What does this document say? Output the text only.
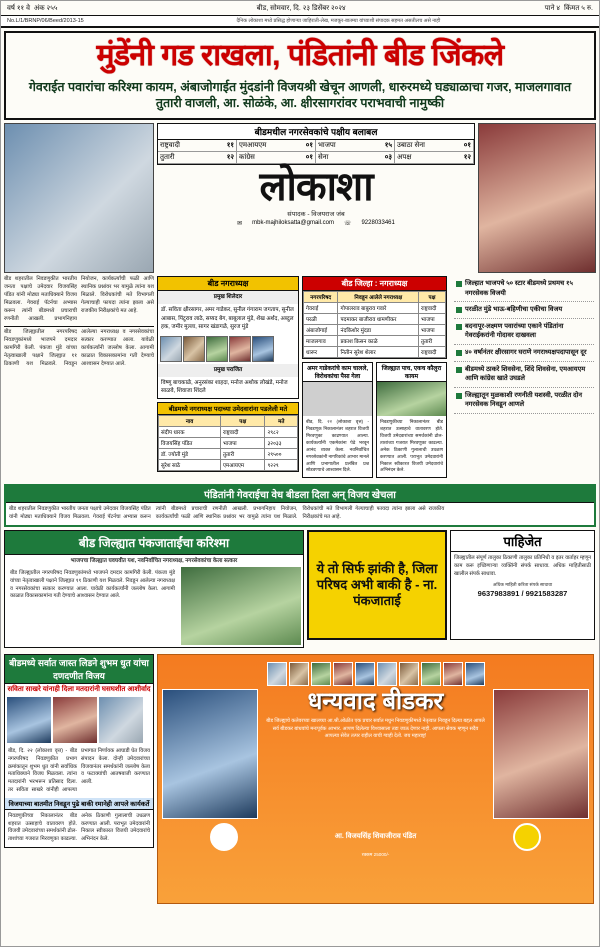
वर्ष ११ वे अंक २५५	बीड, सोमवार, दि. २३ डिसेंबर २०२४	पाने ४ किंमत ५ रु.
No.L/1/BRNP/06/Beed/2013-15	दैनिक लोकाशा मध्ये प्रसिद्ध होणाऱ्या जाहिराती-लेख, मजकूर-बातम्या यांच्याशी संपादक सहमत असतीलच असे नाही
मुंडेंनी गड राखला, पंडितांनी बीड जिंकले
गेवराईत पवारांचा करिश्मा कायम, अंबाजोगाईत मुंदडांनी विजयश्री खेचून आणली, धारुरमध्ये घड्याळाचा गजर, माजलगावात तुतारी वाजली, आ. सोळंके, आ. क्षीरसागरांवर पराभवाची नामुष्की
बीडमधील नगरसेवकांचे पक्षीय बलाबल
राष्ट्रवादी	११ एमआयएम	०१ भाजपा	१५ उबाठा सेना	०१
तुतारी	१२ कांग्रेस	०१ सेना	०३ अपक्ष	१२
लोकाशा
संपादक - विजयराज जंब
✉ mbk-majhiloksatta@gmail.com ☏ 9228033461
बीड शहरातील निवडणुकीत भारतीय जनता पक्षाचे उमेदवार विजयसिंह पंडित यांनी मोठ्या मताधिक्याने विजय मिळवला. गेवराई पॅटर्नचा अभ्यास करून त्यांनी बीडमध्ये प्रचाराची रणनीती आखली. प्रभागनिहाय नियोजन, कार्यकर्त्यांची फळी आणि स्थानिक प्रश्नांवर भर यामुळे त्यांना यश मिळाले. विरोधकांची मते विभागली गेल्याचाही फायदा त्यांना झाला असे राजकीय निरीक्षकांचे मत आहे.
बीड जिल्ह्यातील नगरपरिषद निवडणुकांमध्ये भाजपने दमदार कामगिरी केली. पंकजा मुंडे यांच्या नेतृत्वाखाली पक्षाने जिल्ह्यात ११ ठिकाणी यश मिळवले. निवडून आलेल्या नगराध्यक्ष व नगरसेवकांचा सत्कार करण्यात आला. यावेळी कार्यकर्त्यांनी जल्लोष केला. आगामी काळात विकासकामांना गती देण्याचे आश्वासन देण्यात आले.
बीड नगराध्यक्ष
प्रमुख शिलेदार
डॉ. सविता क्षीरसागर, अमर गाडेकर, सुनील गंगाराम जगताप, सुनील आबास, पिंटूराव लाठे, सय्यद बेग, बाबूलाल मुंडे, शेख अर्शद, अब्दुल हक, जमीर मुल्ला, सागर खंडागळे, सुरज मुंडे
प्रमुख पराजित
विष्णू बाचकाळे, अनुरसंका शाहदा, मनोज अशोक लोखंडे, मनोज साळवे, शिवाजा शिंदले
बीडमध्ये नगराध्यक्ष पदाच्या उमेदवारांना पडलेली मते
नाव	पक्ष	मते
संदीप धारक	राष्ट्रवादी	२९८२
विजयसिंह पंडित	भाजपा	३२०३३
डॉ. ज्योती मुंडे	तुतारी	२९५००
सुरेश साठे	एमआयएम	९२२९
बीड जिल्हा : नगराध्यक्ष
नगरपरिषद	निवडून आलेले नगराध्यक्ष	पक्ष
गेवराई	गोपालराव बाबुराव गवारे	राष्ट्रवादी
परळी	पदमाकर बाजीराव धामणीकर	भाजपा
अंबाजोगाई	नंदकिशोर मुंदडा	भाजपा
माजलगाव	प्रकाश किसन काळे	तुतारी
धारूर	नितीन सुरेश शेलार	राष्ट्रवादी
अमर गाडेकरांचे काम चालले, विरोधकांचा पैसा गेला
बीड, दि. २२ (लोकाशा वृत्त) - निवडणूक निकालानंतर शहरात विजयी मिरवणुका काढण्यात आल्या. कार्यकर्त्यांनी एकमेकांना पेढे भरवून आनंद व्यक्त केला. नवनिर्वाचित नगरसेवकांनी नागरिकांचे आभार मानले आणि प्रभागातील प्रलंबित प्रश्न सोडवण्याचे आश्वासन दिले.
जिल्ह्यात पाच, एकच कौलुरा कायम
निवडणुकीच्या निकालानंतर बीड शहरात उत्साहाचे वातावरण होते. विजयी उमेदवारांच्या समर्थकांनी ढोल-ताशांच्या गजरात मिरवणुका काढल्या. अनेक ठिकाणी गुलालाची उधळण करण्यात आली. पराभूत उमेदवारांनी निकाल स्वीकारत विजयी उमेदवारांचे अभिनंदन केले.
जिल्हात भाजपचे ५० स्टार बीडमध्ये प्रथमच १५ नगरसेवक विजयी
परळीत मुंडे भाऊ-बहिणीचा एकीचा विजय
बदनापूर-लक्ष्मण पवारांच्या एकाने पंडितांना गेवराईकरांनी गोदावर दाखवला
४० वर्षानंतर क्षीरसागर घराणे नगराध्यक्षपदापासून दूर
बीडमध्ये ठाकरे शिवसेना, शिंदे शिवसेना, एमआयएम आणि कांग्रेस खाते उघडले
जिल्ह्यातून मुळकाशी रणनीती यशस्वी, परळीत दोन नगरसेवक निवडून आणले
पंडितांनी गेवराईचा वेध बीडला दिला अन् विजय खेचला
बीड शहरातील निवडणुकीत भारतीय जनता पक्षाचे उमेदवार विजयसिंह पंडित यांनी मोठ्या मताधिक्याने विजय मिळवला. गेवराई पॅटर्नचा अभ्यास करून त्यांनी बीडमध्ये प्रचाराची रणनीती आखली. प्रभागनिहाय नियोजन, कार्यकर्त्यांची फळी आणि स्थानिक प्रश्नांवर भर यामुळे त्यांना यश मिळाले. विरोधकांची मते विभागली गेल्याचाही फायदा त्यांना झाला असे राजकीय निरीक्षकांचे मत आहे.
बीड जिल्ह्यात पंकजाताईंचा करिश्मा
भाजपचा जिल्ह्यात घवघवीत यश, नवनिर्वाचित नगराध्यक्ष, नगरसेवकांचा केला सत्कार
बीड जिल्ह्यातील नगरपरिषद निवडणुकांमध्ये भाजपने दमदार कामगिरी केली. पंकजा मुंडे यांच्या नेतृत्वाखाली पक्षाने जिल्ह्यात ११ ठिकाणी यश मिळवले. निवडून आलेल्या नगराध्यक्ष व नगरसेवकांचा सत्कार करण्यात आला. यावेळी कार्यकर्त्यांनी जल्लोष केला. आगामी काळात विकासकामांना गती देण्याचे आश्वासन देण्यात आले.
ये तो सिर्फ झांकी है, जिला परिषद अभी बाकी है - ना. पंकजाताई
पाहिजेत
जिल्ह्यातील संपूर्ण तालुका ठिकाणी तालुका प्रतिनिधी व इतर वार्ताहर म्हणून काम करू इच्छिणाऱ्या व्यक्तिंनी संपर्क साधावा. अधिक माहितीसाठी खालील संपर्क साधावा.
अधिक माहिती करिता संपर्क साधावा
9637983891 / 9921583287
बीडमध्ये सर्वात जास्त लिडने शुभम धुत यांचा दणदणीत विजय
सविता साखरे यांनाही दिला मतदारांनी घसघशीत आशीर्वाद
बीड, दि. २२ (लोकाशा वृत्त) - बीड नगरपरिषद निवडणुकीत प्रभाग क्रमांकातून शुभम धुत यांनी सर्वाधिक मताधिक्याने विजय मिळवला. त्यांना मतदारांनी भरभरून प्रतिसाद दिला. तर सविता साखरे यांनीही आपल्या प्रभागात निर्णायक आघाडी घेत विजय संपादन केला. दोन्ही उमेदवारांच्या विजयानंतर समर्थकांनी जल्लोष केला व फटाक्यांची आतषबाजी करण्यात आली.
विजयाच्या बातमीत निवडून पुढे बाकी रमानेही आपले कार्यकर्ते
निवडणुकीच्या निकालानंतर बीड शहरात उत्साहाचे वातावरण होते. विजयी उमेदवारांच्या समर्थकांनी ढोल-ताशांच्या गजरात मिरवणुका काढल्या. अनेक ठिकाणी गुलालाची उधळण करण्यात आली. पराभूत उमेदवारांनी निकाल स्वीकारत विजयी उमेदवारांचे अभिनंदन केले.
धन्यवाद बीडकर
बीड जिल्ह्याचे कलेवरच्या खालच्या आ.श्री.ओळीत एक प्रचार सर्वात मधुन निवडणुकीमध्ये नेतृत्वात निवडून दिल्या बद्दल आपले सर्व बीडकर बांधवांचे मनःपूर्वक आभार. आपण दिलेल्या विश्वासाला तडा जाऊ देणार नाही. आपला सेवक म्हणून सदैव आपल्या सेवेत तत्पर राहील याची ग्वाही देतो. जय महाराष्ट्र!
आ. विजयसिंह शिवाजीराव पंडित
रक्कम 25000/-
